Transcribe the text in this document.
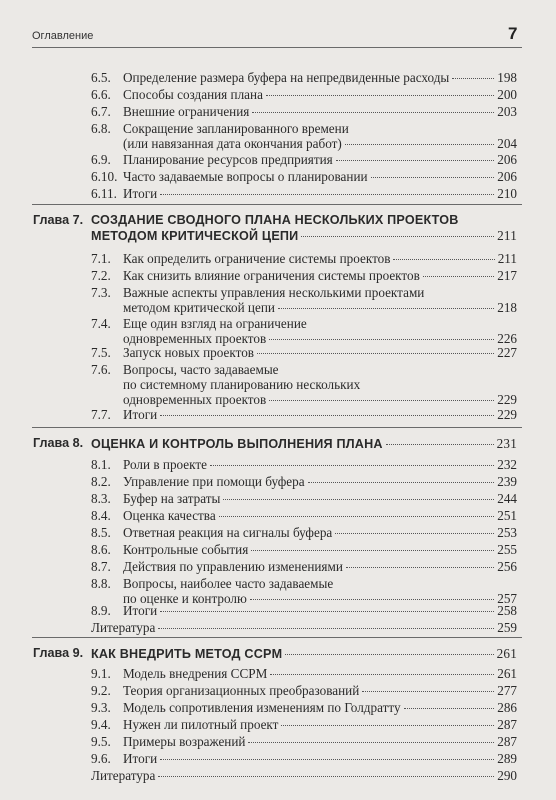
Оглавление	7
6.5. Определение размера буфера на непредвиденные расходы	198
6.6. Способы создания плана	200
6.7. Внешние ограничения	203
6.8. Сокращение запланированного времени
(или навязанная дата окончания работ)	204
6.9. Планирование ресурсов предприятия	206
6.10. Часто задаваемые вопросы о планировании	206
6.11. Итоги	210
Глава 7. СОЗДАНИЕ СВОДНОГО ПЛАНА НЕСКОЛЬКИХ ПРОЕКТОВ
МЕТОДОМ КРИТИЧЕСКОЙ ЦЕПИ	211
7.1. Как определить ограничение системы проектов	211
7.2. Как снизить влияние ограничения системы проектов	217
7.3. Важные аспекты управления несколькими проектами
методом критической цепи	218
7.4. Еще один взгляд на ограничение
одновременных проектов	226
7.5. Запуск новых проектов	227
7.6. Вопросы, часто задаваемые
по системному планированию нескольких
одновременных проектов	229
7.7. Итоги	229
Глава 8. ОЦЕНКА И КОНТРОЛЬ ВЫПОЛНЕНИЯ ПЛАНА	231
8.1. Роли в проекте	232
8.2. Управление при помощи буфера	239
8.3. Буфер на затраты	244
8.4. Оценка качества	251
8.5. Ответная реакция на сигналы буфера	253
8.6. Контрольные события	255
8.7. Действия по управлению изменениями	256
8.8. Вопросы, наиболее часто задаваемые
по оценке и контролю	257
8.9. Итоги	258
Литература	259
Глава 9. КАК ВНЕДРИТЬ МЕТОД CCPM	261
9.1. Модель внедрения CCPM	261
9.2. Теория организационных преобразований	277
9.3. Модель сопротивления изменениям по Голдратту	286
9.4. Нужен ли пилотный проект	287
9.5. Примеры возражений	287
9.6. Итоги	289
Литература	290
